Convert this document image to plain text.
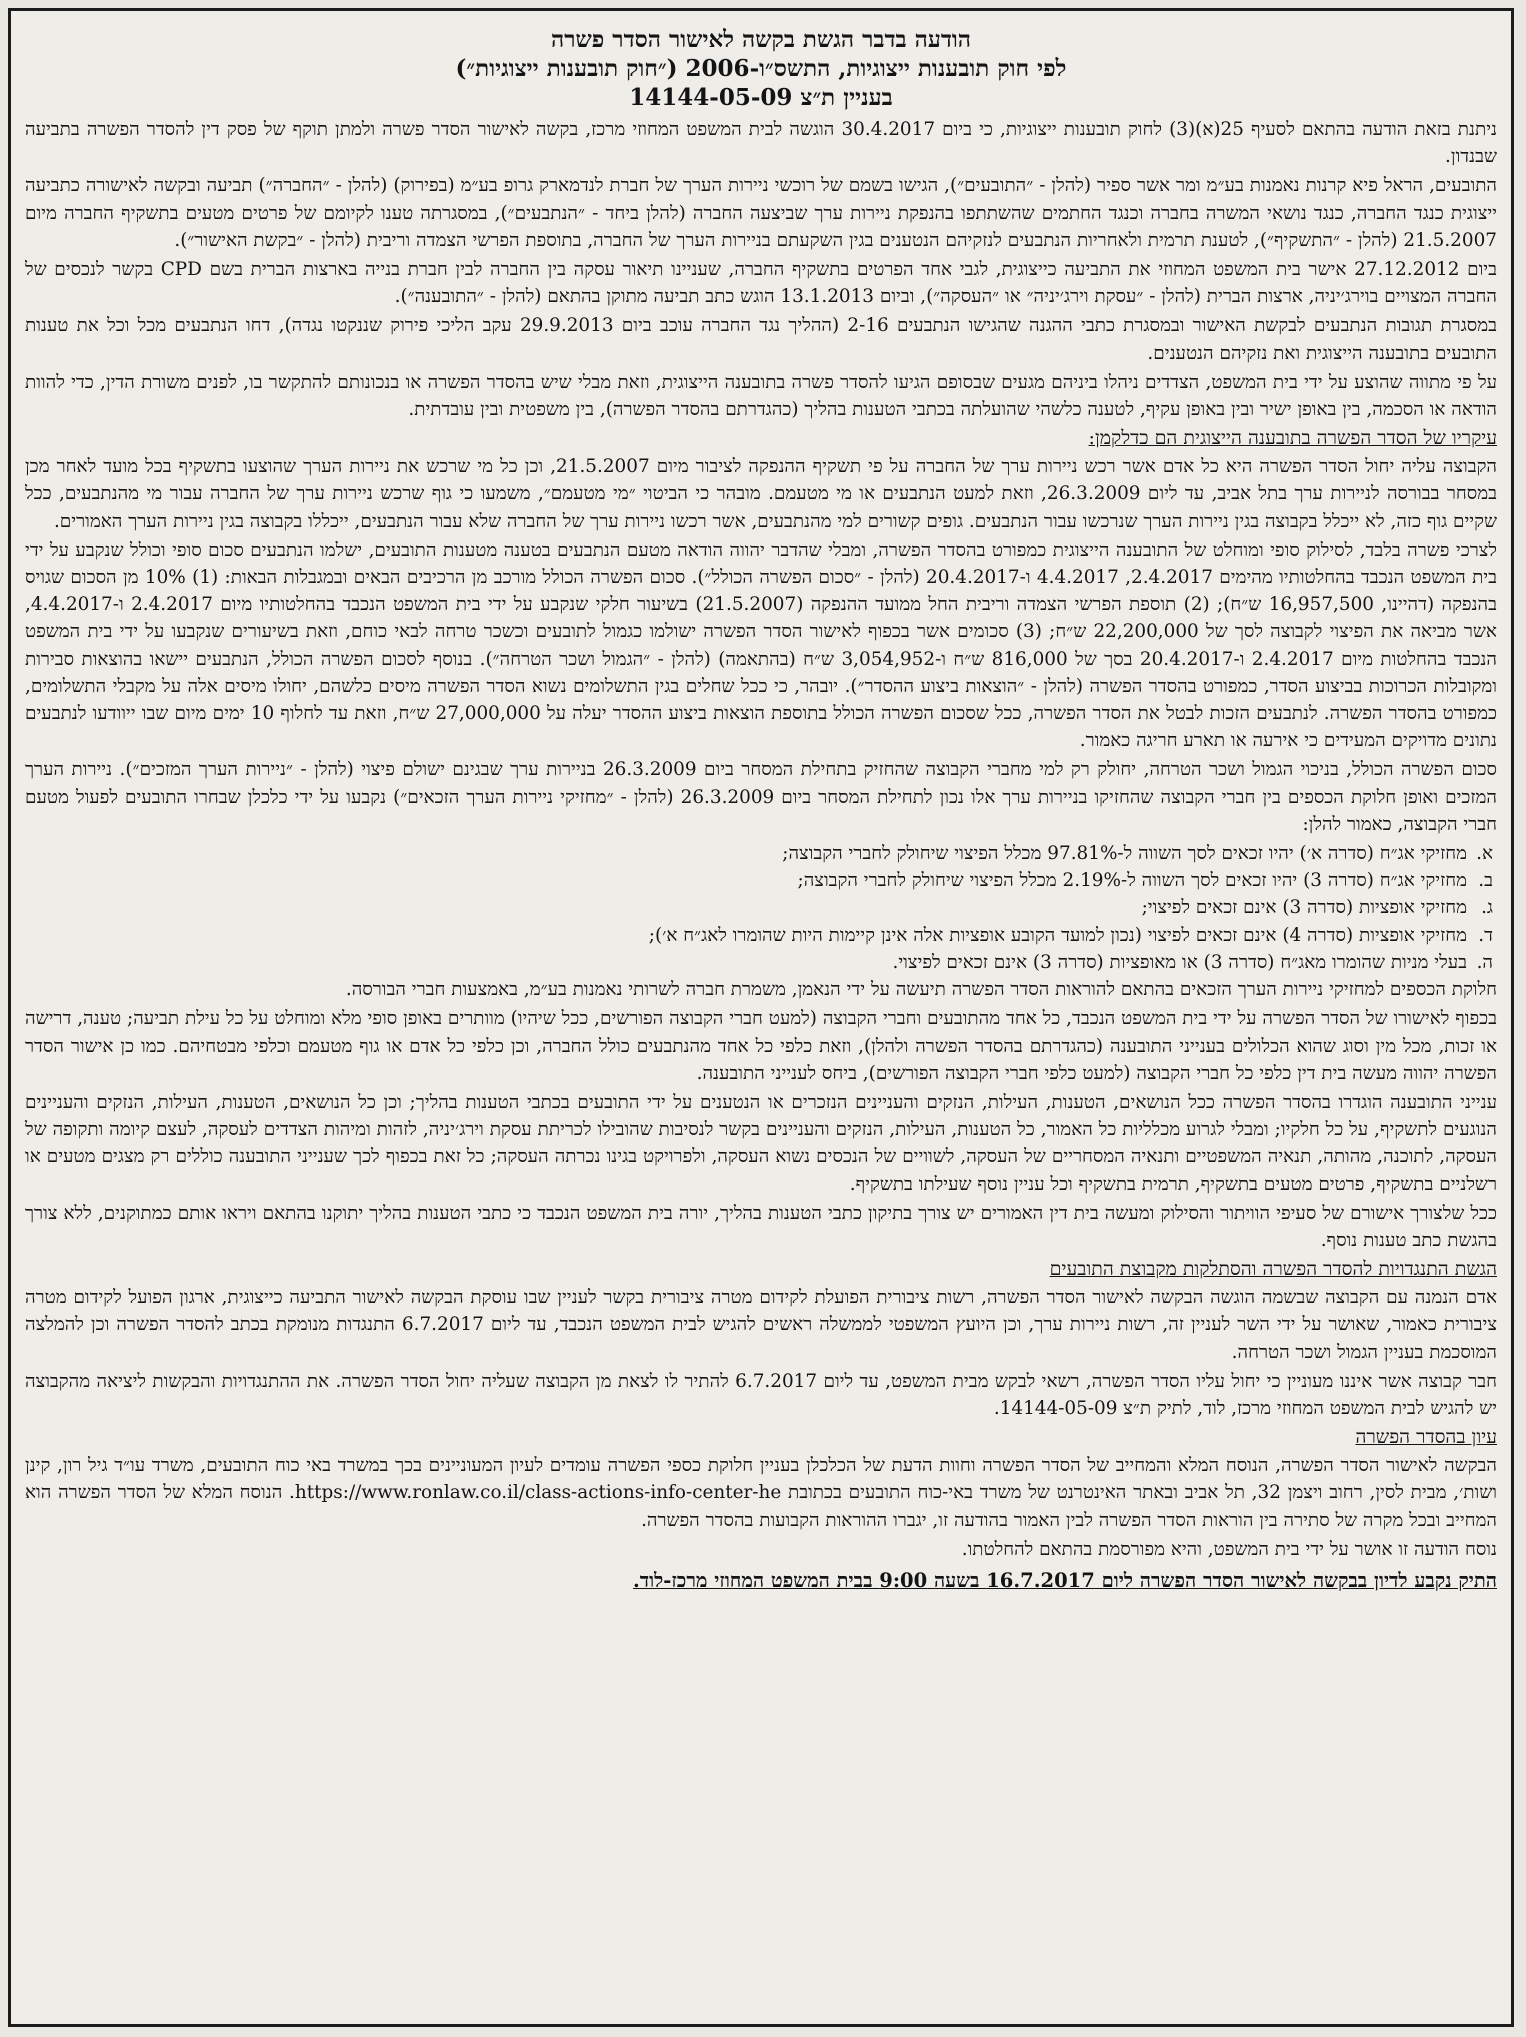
הודעה בדבר הגשת בקשה לאישור הסדר פשרה
לפי חוק תובענות ייצוגיות, התשס״ו-2006 (״חוק תובענות ייצוגיות״)
בעניין ת״צ 14144-05-09

ניתנת בזאת הודעה בהתאם לסעיף 25(א)(3) לחוק תובענות ייצוגיות, כי ביום 30.4.2017 הוגשה לבית המשפט המחוזי מרכז, בקשה לאישור הסדר פשרה ולמתן תוקף של פסק דין להסדר הפשרה בתביעה שבנדון.

התובעים, הראל פיא קרנות נאמנות בע״מ ומר אשר ספיר (להלן - ״התובעים״), הגישו בשמם של רוכשי ניירות הערך של חברת לנדמארק גרופ בע״מ (בפירוק) (להלן - ״החברה״) תביעה ובקשה לאישורה כתביעה ייצוגית כנגד החברה, כנגד נושאי המשרה בחברה וכנגד החתמים שהשתתפו בהנפקת ניירות ערך שביצעה החברה (להלן ביחד - ״הנתבעים״), במסגרתה טענו לקיומם של פרטים מטעים בתשקיף החברה מיום 21.5.2007 (להלן - ״התשקיף״), לטענת תרמית ולאחריות הנתבעים לנזקיהם הנטענים בגין השקעתם בניירות הערך של החברה, בתוספת הפרשי הצמדה וריבית (להלן - ״בקשת האישור״).

ביום 27.12.2012 אישר בית המשפט המחוזי את התביעה כייצוגית, לגבי אחד הפרטים בתשקיף החברה, שעניינו תיאור עסקה בין החברה לבין חברת בנייה בארצות הברית בשם CPD בקשר לנכסים של החברה המצויים בוירג׳יניה, ארצות הברית (להלן - ״עסקת וירג׳יניה״ או ״העסקה״), וביום 13.1.2013 הוגש כתב תביעה מתוקן בהתאם (להלן - ״התובענה״).

במסגרת תגובות הנתבעים לבקשת האישור ובמסגרת כתבי ההגנה שהגישו הנתבעים 2-16 (ההליך נגד החברה עוכב ביום 29.9.2013 עקב הליכי פירוק שננקטו נגדה), דחו הנתבעים מכל וכל את טענות התובעים בתובענה הייצוגית ואת נזקיהם הנטענים.

על פי מתווה שהוצע על ידי בית המשפט, הצדדים ניהלו ביניהם מגעים שבסופם הגיעו להסדר פשרה בתובענה הייצוגית, וזאת מבלי שיש בהסדר הפשרה או בנכונותם להתקשר בו, לפנים משורת הדין, כדי להוות הודאה או הסכמה, בין באופן ישיר ובין באופן עקיף, לטענה כלשהי שהועלתה בכתבי הטענות בהליך (כהגדרתם בהסדר הפשרה), בין משפטית ובין עובדתית.

עיקריו של הסדר הפשרה בתובענה הייצוגית הם כדלקמן:

הקבוצה עליה יחול הסדר הפשרה היא כל אדם אשר רכש ניירות ערך של החברה על פי תשקיף ההנפקה לציבור מיום 21.5.2007, וכן כל מי שרכש את ניירות הערך שהוצעו בתשקיף בכל מועד לאחר מכן במסחר בבורסה לניירות ערך בתל אביב, עד ליום 26.3.2009, וזאת למעט הנתבעים או מי מטעמם. מובהר כי הביטוי ״מי מטעמם״, משמעו כי גוף שרכש ניירות ערך של החברה עבור מי מהנתבעים, ככל שקיים גוף כזה, לא ייכלל בקבוצה בגין ניירות הערך שנרכשו עבור הנתבעים. גופים קשורים למי מהנתבעים, אשר רכשו ניירות ערך של החברה שלא עבור הנתבעים, ייכללו בקבוצה בגין ניירות הערך האמורים.

לצרכי פשרה בלבד, לסילוק סופי ומוחלט של התובענה הייצוגית כמפורט בהסדר הפשרה, ומבלי שהדבר יהווה הודאה מטעם הנתבעים בטענה מטענות התובעים, ישלמו הנתבעים סכום סופי וכולל שנקבע על ידי בית המשפט הנכבד בהחלטותיו מהימים 2.4.2017, 4.4.2017 ו-20.4.2017 (להלן - ״סכום הפשרה הכולל״). סכום הפשרה הכולל מורכב מן הרכיבים הבאים ובמגבלות הבאות: (1) 10% מן הסכום שגויס בהנפקה (דהיינו, 16,957,500 ש״ח); (2) תוספת הפרשי הצמדה וריבית החל ממועד ההנפקה (21.5.2007) בשיעור חלקי שנקבע על ידי בית המשפט הנכבד בהחלטותיו מיום 2.4.2017 ו-4.4.2017, אשר מביאה את הפיצוי לקבוצה לסך של 22,200,000 ש״ח; (3) סכומים אשר בכפוף לאישור הסדר הפשרה ישולמו כגמול לתובעים וכשכר טרחה לבאי כוחם, וזאת בשיעורים שנקבעו על ידי בית המשפט הנכבד בהחלטות מיום 2.4.2017 ו-20.4.2017 בסך של 816,000 ש״ח ו-3,054,952 ש״ח (בהתאמה) (להלן - ״הגמול ושכר הטרחה״). בנוסף לסכום הפשרה הכולל, הנתבעים יישאו בהוצאות סבירות ומקובלות הכרוכות בביצוע הסדר, כמפורט בהסדר הפשרה (להלן - ״הוצאות ביצוע ההסדר״). יובהר, כי ככל שחלים בגין התשלומים נשוא הסדר הפשרה מיסים כלשהם, יחולו מיסים אלה על מקבלי התשלומים, כמפורט בהסדר הפשרה. לנתבעים הזכות לבטל את הסדר הפשרה, ככל שסכום הפשרה הכולל בתוספת הוצאות ביצוע ההסדר יעלה על 27,000,000 ש״ח, וזאת עד לחלוף 10 ימים מיום שבו ייוודעו לנתבעים נתונים מדויקים המעידים כי אירעה או תארע חריגה כאמור.

סכום הפשרה הכולל, בניכוי הגמול ושכר הטרחה, יחולק רק למי מחברי הקבוצה שהחזיק בתחילת המסחר ביום 26.3.2009 בניירות ערך שבגינם ישולם פיצוי (להלן - ״ניירות הערך המזכים״). ניירות הערך המזכים ואופן חלוקת הכספים בין חברי הקבוצה שהחזיקו בניירות ערך אלו נכון לתחילת המסחר ביום 26.3.2009 (להלן - ״מחזיקי ניירות הערך הזכאים״) נקבעו על ידי כלכלן שבחרו התובעים לפעול מטעם חברי הקבוצה, כאמור להלן:

א.מחזיקי אג״ח (סדרה א׳) יהיו זכאים לסך השווה ל-97.81% מכלל הפיצוי שיחולק לחברי הקבוצה;
ב.מחזיקי אג״ח (סדרה 3) יהיו זכאים לסך השווה ל-2.19% מכלל הפיצוי שיחולק לחברי הקבוצה;
ג.מחזיקי אופציות (סדרה 3) אינם זכאים לפיצוי;
ד.מחזיקי אופציות (סדרה 4) אינם זכאים לפיצוי (נכון למועד הקובע אופציות אלה אינן קיימות היות שהומרו לאג״ח א׳);
ה.בעלי מניות שהומרו מאג״ח (סדרה 3) או מאופציות (סדרה 3) אינם זכאים לפיצוי.

חלוקת הכספים למחזיקי ניירות הערך הזכאים בהתאם להוראות הסדר הפשרה תיעשה על ידי הנאמן, משמרת חברה לשרותי נאמנות בע״מ, באמצעות חברי הבורסה.

בכפוף לאישורו של הסדר הפשרה על ידי בית המשפט הנכבד, כל אחד מהתובעים וחברי הקבוצה (למעט חברי הקבוצה הפורשים, ככל שיהיו) מוותרים באופן סופי מלא ומוחלט על כל עילת תביעה; טענה, דרישה או זכות, מכל מין וסוג שהוא הכלולים בענייני התובענה (כהגדרתם בהסדר הפשרה ולהלן), וזאת כלפי כל אחד מהנתבעים כולל החברה, וכן כלפי כל אדם או גוף מטעמם וכלפי מבטחיהם. כמו כן אישור הסדר הפשרה יהווה מעשה בית דין כלפי כל חברי הקבוצה (למעט כלפי חברי הקבוצה הפורשים), ביחס לענייני התובענה.

ענייני התובענה הוגדרו בהסדר הפשרה ככל הנושאים, הטענות, העילות, הנזקים והעניינים הנזכרים או הנטענים על ידי התובעים בכתבי הטענות בהליך; וכן כל הנושאים, הטענות, העילות, הנזקים והעניינים הנוגעים לתשקיף, על כל חלקיו; ומבלי לגרוע מכלליות כל האמור, כל הטענות, העילות, הנזקים והעניינים בקשר לנסיבות שהובילו לכריתת עסקת וירג׳יניה, לזהות ומיהות הצדדים לעסקה, לעצם קיומה ותקופה של העסקה, לתוכנה, מהותה, תנאיה המשפטיים ותנאיה המסחריים של העסקה, לשוויים של הנכסים נשוא העסקה, ולפרויקט בגינו נכרתה העסקה; כל זאת בכפוף לכך שענייני התובענה כוללים רק מצגים מטעים או רשלניים בתשקיף, פרטים מטעים בתשקיף, תרמית בתשקיף וכל עניין נוסף שעילתו בתשקיף.

ככל שלצורך אישורם של סעיפי הוויתור והסילוק ומעשה בית דין האמורים יש צורך בתיקון כתבי הטענות בהליך, יורה בית המשפט הנכבד כי כתבי הטענות בהליך יתוקנו בהתאם ויראו אותם כמתוקנים, ללא צורך בהגשת כתב טענות נוסף.

הגשת התנגדויות להסדר הפשרה והסתלקות מקבוצת התובעים

אדם הנמנה עם הקבוצה שבשמה הוגשה הבקשה לאישור הסדר הפשרה, רשות ציבורית הפועלת לקידום מטרה ציבורית בקשר לעניין שבו עוסקת הבקשה לאישור התביעה כייצוגית, ארגון הפועל לקידום מטרה ציבורית כאמור, שאושר על ידי השר לעניין זה, רשות ניירות ערך, וכן היועץ המשפטי לממשלה ראשים להגיש לבית המשפט הנכבד, עד ליום 6.7.2017 התנגדות מנומקת בכתב להסדר הפשרה וכן להמלצה המוסכמת בעניין הגמול ושכר הטרחה.

חבר קבוצה אשר איננו מעוניין כי יחול עליו הסדר הפשרה, רשאי לבקש מבית המשפט, עד ליום 6.7.2017 להתיר לו לצאת מן הקבוצה שעליה יחול הסדר הפשרה. את ההתנגדויות והבקשות ליציאה מהקבוצה יש להגיש לבית המשפט המחוזי מרכז, לוד, לתיק ת״צ 14144-05-09.

עיון בהסדר הפשרה

הבקשה לאישור הסדר הפשרה, הנוסח המלא והמחייב של הסדר הפשרה וחוות הדעת של הכלכלן בעניין חלוקת כספי הפשרה עומדים לעיון המעוניינים בכך במשרד באי כוח התובעים, משרד עו״ד גיל רון, קינן ושות׳, מבית לסין, רחוב ויצמן 32, תל אביב ובאתר האינטרנט של משרד באי-כוח התובעים בכתובת https://www.ronlaw.co.il/class-actions-info-center-he. הנוסח המלא של הסדר הפשרה הוא המחייב ובכל מקרה של סתירה בין הוראות הסדר הפשרה לבין האמור בהודעה זו, יגברו ההוראות הקבועות בהסדר הפשרה.

נוסח הודעה זו אושר על ידי בית המשפט, והיא מפורסמת בהתאם להחלטתו.

התיק נקבע לדיון בבקשה לאישור הסדר הפשרה ליום 16.7.2017 בשעה 9:00 בבית המשפט המחוזי מרכז-לוד.
